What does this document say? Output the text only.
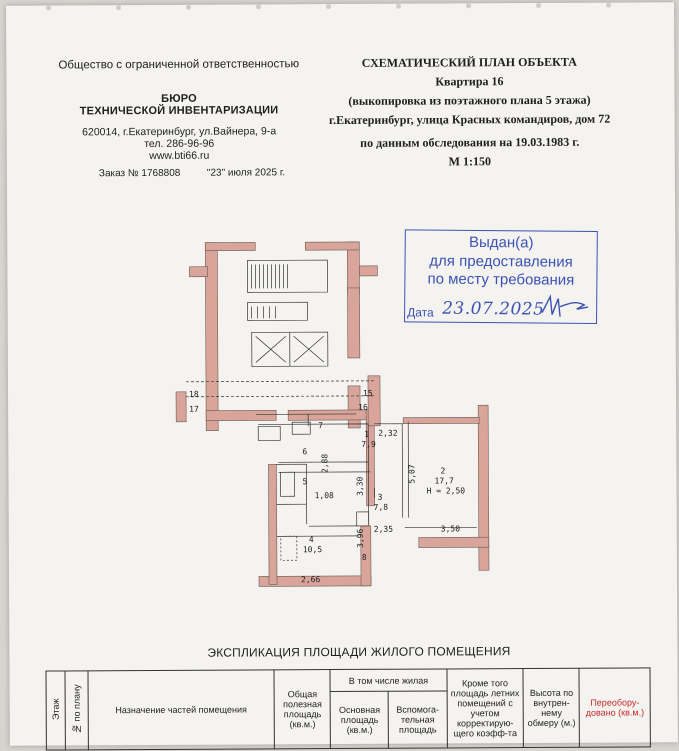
Общество с ограниченной ответственностью
БЮРО
ТЕХНИЧЕСКОЙ ИНВЕНТАРИЗАЦИИ
620014, г.Екатеринбург, ул.Вайнера, 9-а
тел. 286-96-96
www.bti66.ru
Заказ № 1768808	"23" июля 2025 г.
СХЕМАТИЧЕСКИЙ ПЛАН ОБЪЕКТА
Квартира 16
(выкопировка из поэтажного плана 5 этажа)
г.Екатеринбург, улица Красных командиров, дом 72
по данным обследования на 19.03.1983 г.
М 1:150
Выдан(а)
для предоставления
по месту требования
Дата 23.07.2025
18
17
15
16
1
7,9
2
17,7
Н = 2,50
3
7,8
4
10,5
5
6
7
8
2,32
2,88
1,08
5,07
3,30
2,35	3,50
3,96
2,66
ЭКСПЛИКАЦИЯ ПЛОЩАДИ ЖИЛОГО ПОМЕЩЕНИЯ
Этаж	№ по плану	Назначение частей помещения	Общая полезная площадь (кв.м.)	В том числе жилая		Кроме того площадь летних помещений с учетом корректирую-щего коэфф-та	Высота по внутрен-нему обмеру (м.)	Переобору-довано (кв.м.)
				Основная площадь (кв.м.)	Вспомога-тельная площадь			
